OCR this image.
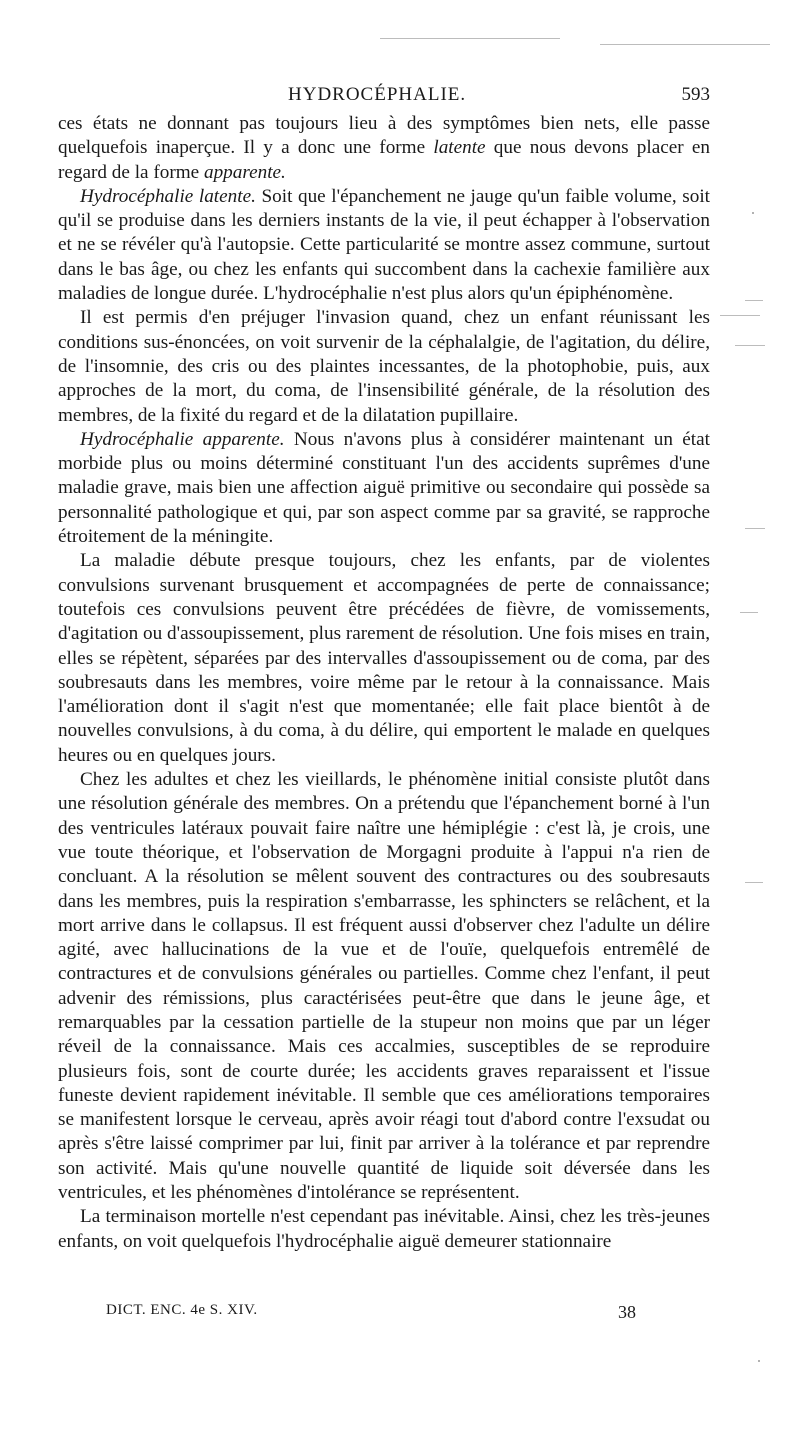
HYDROCÉPHALIE.	593

ces états ne donnant pas toujours lieu à des symptômes bien nets, elle passe quelquefois inaperçue. Il y a donc une forme latente que nous devons placer en regard de la forme apparente.

Hydrocéphalie latente. Soit que l'épanchement ne jauge qu'un faible volume, soit qu'il se produise dans les derniers instants de la vie, il peut échapper à l'observation et ne se révéler qu'à l'autopsie. Cette particularité se montre assez commune, surtout dans le bas âge, ou chez les enfants qui succombent dans la cachexie familière aux maladies de longue durée. L'hydrocéphalie n'est plus alors qu'un épiphénomène.

Il est permis d'en préjuger l'invasion quand, chez un enfant réunissant les conditions sus-énoncées, on voit survenir de la céphalalgie, de l'agitation, du délire, de l'insomnie, des cris ou des plaintes incessantes, de la photophobie, puis, aux approches de la mort, du coma, de l'insensibilité générale, de la résolution des membres, de la fixité du regard et de la dilatation pupillaire.

Hydrocéphalie apparente. Nous n'avons plus à considérer maintenant un état morbide plus ou moins déterminé constituant l'un des accidents suprêmes d'une maladie grave, mais bien une affection aiguë primitive ou secondaire qui possède sa personnalité pathologique et qui, par son aspect comme par sa gravité, se rapproche étroitement de la méningite.

La maladie débute presque toujours, chez les enfants, par de violentes convulsions survenant brusquement et accompagnées de perte de connaissance; toutefois ces convulsions peuvent être précédées de fièvre, de vomissements, d'agitation ou d'assoupissement, plus rarement de résolution. Une fois mises en train, elles se répètent, séparées par des intervalles d'assoupissement ou de coma, par des soubresauts dans les membres, voire même par le retour à la connaissance. Mais l'amélioration dont il s'agit n'est que momentanée; elle fait place bientôt à de nouvelles convulsions, à du coma, à du délire, qui emportent le malade en quelques heures ou en quelques jours.

Chez les adultes et chez les vieillards, le phénomène initial consiste plutôt dans une résolution générale des membres. On a prétendu que l'épanchement borné à l'un des ventricules latéraux pouvait faire naître une hémiplégie : c'est là, je crois, une vue toute théorique, et l'observation de Morgagni produite à l'appui n'a rien de concluant. A la résolution se mêlent souvent des contractures ou des soubresauts dans les membres, puis la respiration s'embarrasse, les sphincters se relâchent, et la mort arrive dans le collapsus. Il est fréquent aussi d'observer chez l'adulte un délire agité, avec hallucinations de la vue et de l'ouïe, quelquefois entremêlé de contractures et de convulsions générales ou partielles. Comme chez l'enfant, il peut advenir des rémissions, plus caractérisées peut-être que dans le jeune âge, et remarquables par la cessation partielle de la stupeur non moins que par un léger réveil de la connaissance. Mais ces accalmies, susceptibles de se reproduire plusieurs fois, sont de courte durée; les accidents graves reparaissent et l'issue funeste devient rapidement inévitable. Il semble que ces améliorations temporaires se manifestent lorsque le cerveau, après avoir réagi tout d'abord contre l'exsudat ou après s'être laissé comprimer par lui, finit par arriver à la tolérance et par reprendre son activité. Mais qu'une nouvelle quantité de liquide soit déversée dans les ventricules, et les phénomènes d'intolérance se représentent.

La terminaison mortelle n'est cependant pas inévitable. Ainsi, chez les très-jeunes enfants, on voit quelquefois l'hydrocéphalie aiguë demeurer stationnaire

DICT. ENC. 4e S. XIV.	38
